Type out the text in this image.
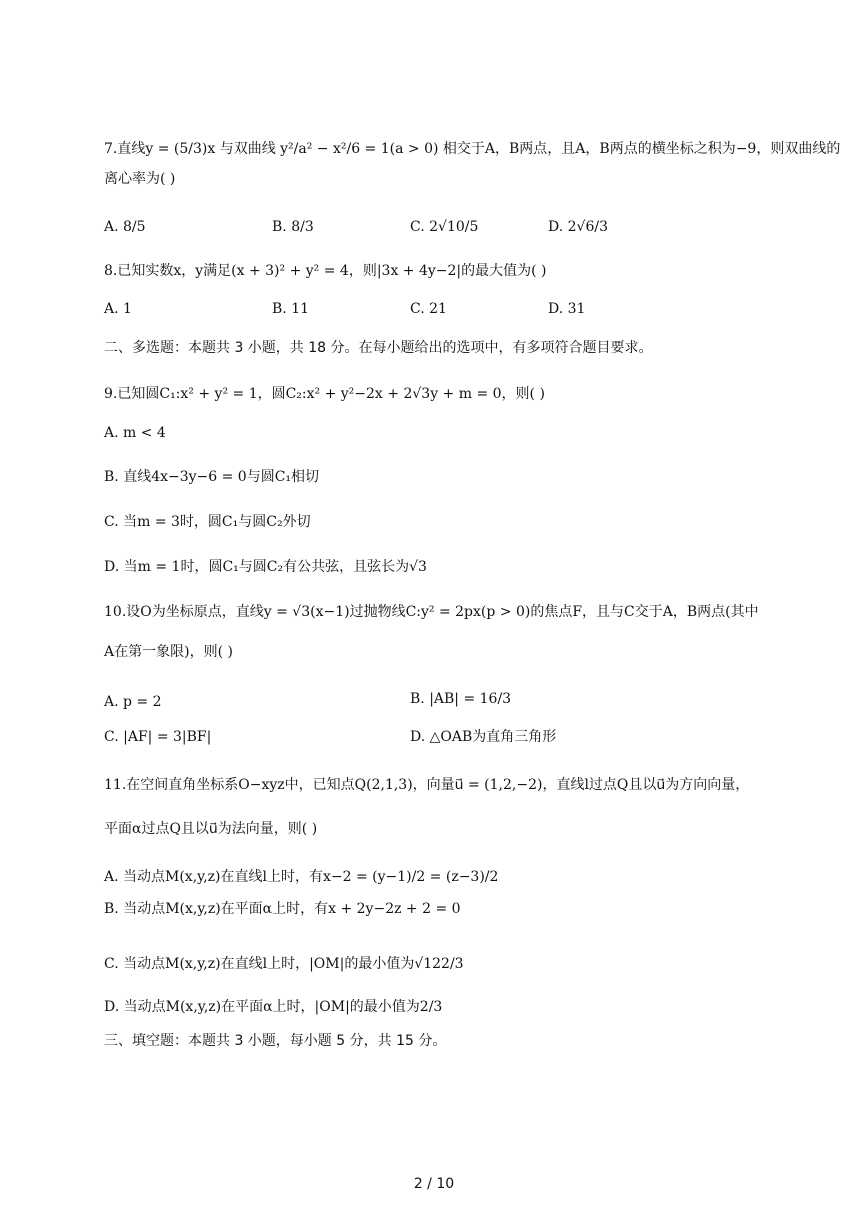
7.直线y = (5/3)x 与双曲线 y²/a² − x²/6 = 1(a > 0) 相交于A，B两点，且A，B两点的横坐标之积为−9，则双曲线的
离心率为( )
A. 8/5	B. 8/3	C. 2√10/5	D. 2√6/3
8.已知实数x，y满足(x + 3)² + y² = 4，则|3x + 4y−2|的最大值为( )
A. 1	B. 11	C. 21	D. 31
二、多选题：本题共 3 小题，共 18 分。在每小题给出的选项中，有多项符合题目要求。
9.已知圆C₁:x² + y² = 1，圆C₂:x² + y²−2x + 2√3y + m = 0，则( )
A. m < 4
B. 直线4x−3y−6 = 0与圆C₁相切
C. 当m = 3时，圆C₁与圆C₂外切
D. 当m = 1时，圆C₁与圆C₂有公共弦，且弦长为√3
10.设O为坐标原点，直线y = √3(x−1)过抛物线C:y² = 2px(p > 0)的焦点F，且与C交于A，B两点(其中
A在第一象限)，则( )
A. p = 2	B. |AB| = 16/3
C. |AF| = 3|BF|	D. △OAB为直角三角形
11.在空间直角坐标系O−xyz中，已知点Q(2,1,3)，向量u⃗ = (1,2,−2)，直线l过点Q且以u⃗为方向向量，
平面α过点Q且以u⃗为法向量，则( )
A. 当动点M(x,y,z)在直线l上时，有x−2 = (y−1)/2 = (z−3)/2
B. 当动点M(x,y,z)在平面α上时，有x + 2y−2z + 2 = 0
C. 当动点M(x,y,z)在直线l上时，|OM|的最小值为√122/3
D. 当动点M(x,y,z)在平面α上时，|OM|的最小值为2/3
三、填空题：本题共 3 小题，每小题 5 分，共 15 分。
2 / 10
